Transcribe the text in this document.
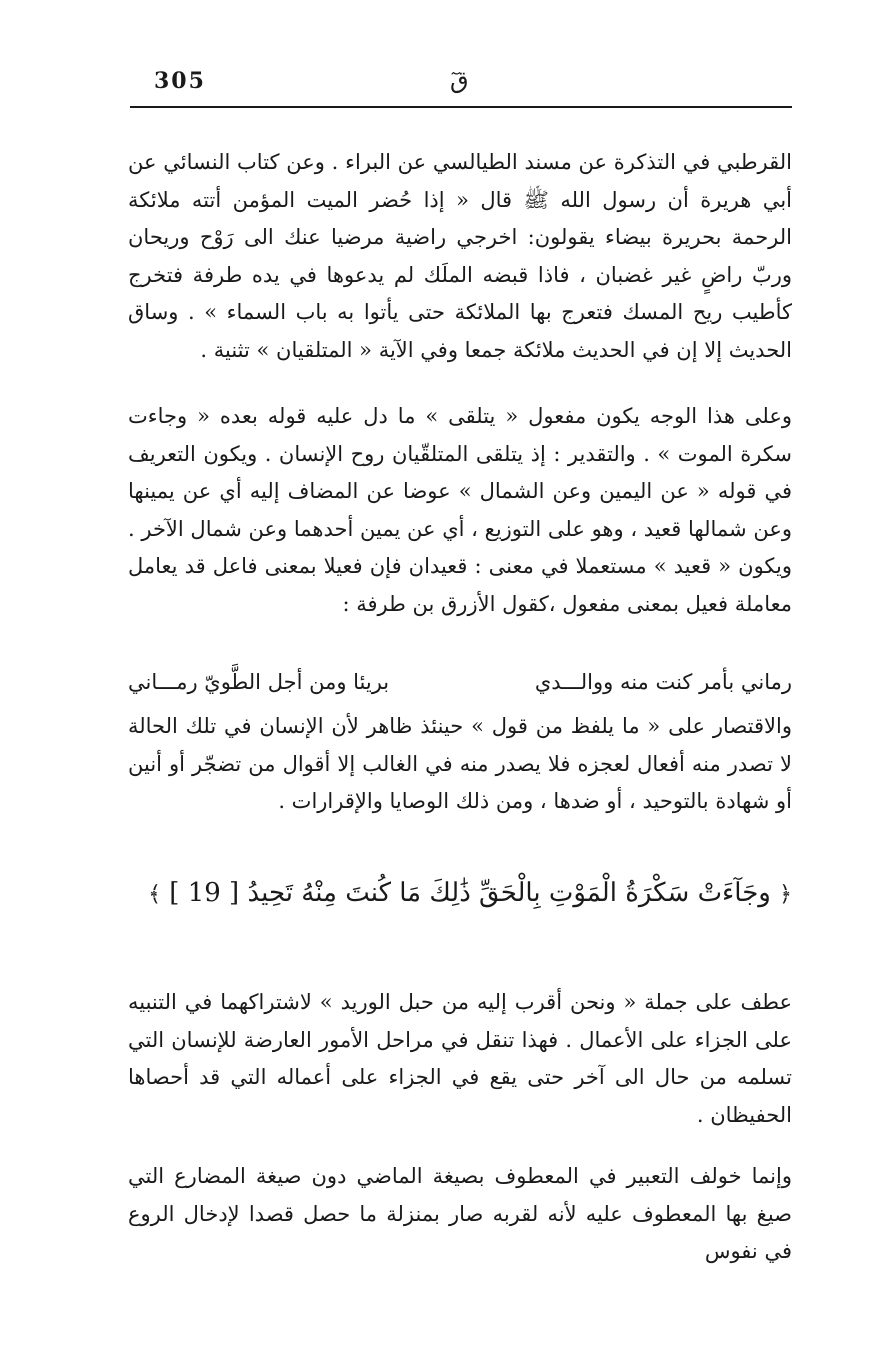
305	قٓ

القرطبي في التذكرة عن مسند الطيالسي عن البراء . وعن كتاب النسائي عن أبي هريرة أن رسول الله ﷺ قال « إذا حُضر الميت المؤمن أتته ملائكة الرحمة بحريرة بيضاء يقولون: اخرجي راضية مرضيا عنك الى رَوْح وريحان وربّ راضٍ غير غضبان ، فاذا قبضه الملَك لم يدعوها في يده طرفة فتخرج كأطيب ريح المسك فتعرج بها الملائكة حتى يأتوا به باب السماء » . وساق الحديث إلا إن في الحديث ملائكة جمعا وفي الآية « المتلقيان » تثنية .

وعلى هذا الوجه يكون مفعول « يتلقى » ما دل عليه قوله بعده « وجاءت سكرة الموت » . والتقدير : إذ يتلقى المتلقّيان روح الإنسان . ويكون التعريف في قوله « عن اليمين وعن الشمال » عوضا عن المضاف إليه أي عن يمينها وعن شمالها قعيد ، وهو على التوزيع ، أي عن يمين أحدهما وعن شمال الآخر . ويكون « قعيد » مستعملا في معنى : قعيدان فإن فعيلا بمعنى فاعل قد يعامل معاملة فعيل بمعنى مفعول ،كقول الأزرق بن طرفة :

رماني بأمر كنت منه ووالـــدي
بريئا ومن أجل الطَّويّ رمـــاني

والاقتصار على « ما يلفظ من قول » حينئذ ظاهر لأن الإنسان في تلك الحالة لا تصدر منه أفعال لعجزه فلا يصدر منه في الغالب إلا أقوال من تضجّر أو أنين أو شهادة بالتوحيد ، أو ضدها ، ومن ذلك الوصايا والإقرارات .

﴿ وجَآءَتْ سَكْرَةُ الْمَوْتِ بِالْحَقِّ ذَٰلِكَ مَا كُنتَ مِنْهُ تَحِيدُ [ 19 ] ﴾

عطف على جملة « ونحن أقرب إليه من حبل الوريد » لاشتراكهما في التنبيه على الجزاء على الأعمال . فهذا تنقل في مراحل الأمور العارضة للإنسان التي تسلمه من حال الى آخر حتى يقع في الجزاء على أعماله التي قد أحصاها الحفيظان .

وإنما خولف التعبير في المعطوف بصيغة الماضي دون صيغة المضارع التي صيغ بها المعطوف عليه لأنه لقربه صار بمنزلة ما حصل قصدا لإدخال الروع في نفوس
